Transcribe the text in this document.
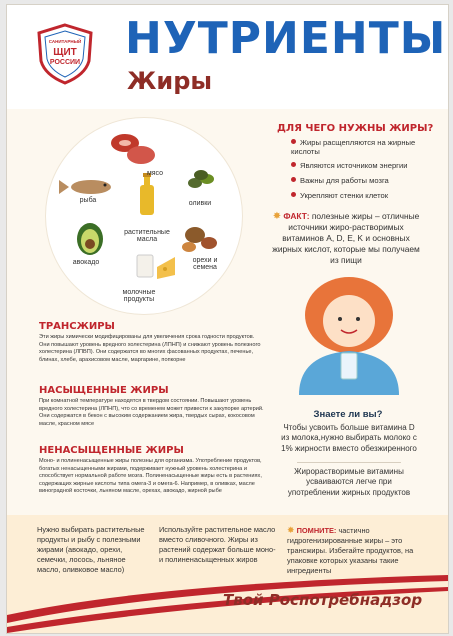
САНИТАРНЫЙ
ЩИТ
РОССИИ	НУТРИЕНТЫ
Жиры
мясо
рыба	оливки
растительные масла
авокадо	орехи и семена
молочные продукты
ДЛЯ ЧЕГО НУЖНЫ ЖИРЫ?
Жиры расщепляются на жирные кислоты
Являются источником энергии
Важны для работы мозга
Укрепляют стенки клеток
✸ ФАКТ: полезные жиры – отличные источники жиро-растворимых витаминов А, D, E, K и основных жирных кислот, которые мы получаем из пищи
ТРАНСЖИРЫ
Эти жиры химически модифицированы для увеличения срока годности продуктов. Они повышают уровень вредного холестерина (ЛПНП) и снижают уровень полезного холестерина (ЛПВП). Они содержатся во многих фасованных продуктах, печенье, блинах, хлебе, арахисовом масле, маргарине, попкорне
НАСЫЩЕННЫЕ ЖИРЫ
При комнатной температуре находятся в твердом состоянии. Повышают уровень вредного холестерина (ЛПНП), что со временем может привести к закупорке артерий. Они содержатся в бекон с высоким содержанием жира, твердых сырах, кокосовом масле, красном мясе
НЕНАСЫЩЕННЫЕ ЖИРЫ
Моно- и полиненасыщенные жиры полезны для организма. Употребление продуктов, богатых ненасыщенными жирами, подерживает нужный уровень холестерина и способствует нормальной работе мозга. Полиненасыщенные жиры есть в растениях, содержащих жирные кислоты типа омега-3 и омега-6. Например, в оливках, масле виноградной косточки, льняном масле, орехах, авокадо, жирной рыбе
Знаете ли вы?
Чтобы усвоить больше витамина D из молока,нужно выбирать молоко с 1% жирности вместо обезжиренного
Жирорастворимые витамины усваиваются легче при употреблении жирных продуктов
Нужно выбирать растительные продукты и рыбу с полезными жирами (авокадо, орехи, семечки, лосось, льняное масло, оливковое масло)
Используйте растительное масло вместо сливочного. Жиры из растений содержат больше моно- и полиненасыщенных жиров
✸ ПОМНИТЕ: частично гидрогенизированные жиры – это трансжиры. Избегайте продуктов, на упаковке которых указаны такие ингредиенты
Твой Роспотребнадзор
